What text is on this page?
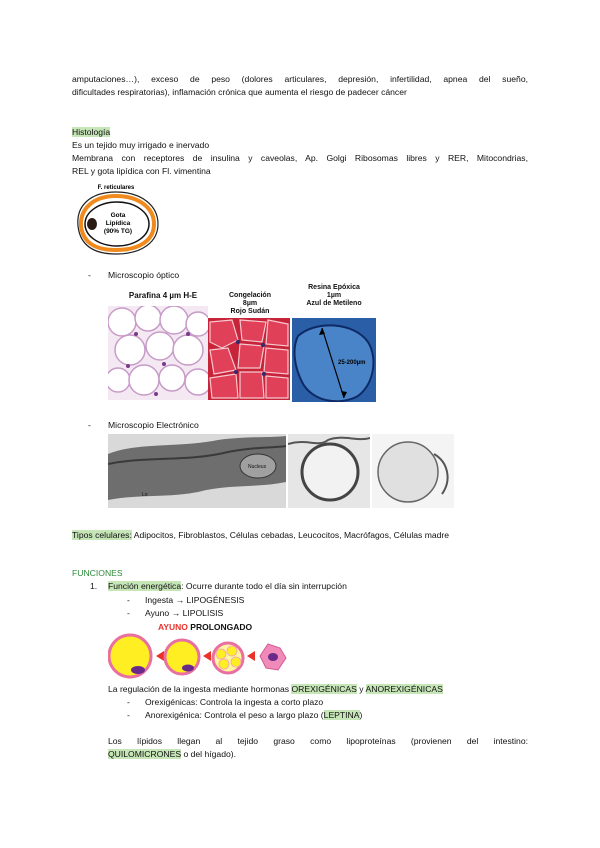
amputaciones…), exceso de peso (dolores articulares, depresión, infertilidad, apnea del sueño,
dificultades respiratorias), inflamación crónica que aumenta el riesgo de padecer cáncer
Histología
Es un tejido muy irrigado e inervado
Membrana con receptores de insulina y caveolas, Ap. Golgi Ribosomas libres y RER, Mitocondrias,
REL y gota lipídica con Fl. vimentina
F. reticulares
Gota
Lipídica
(90% TG)
- Microscopio óptico
Parafina 4 µm H-E	Congelación
8µm
Rojo Sudán
Resina Epóxica
1µm
Azul de Metileno
25-200µm
- Microscopio Electrónico
Nucleus
Lo
Tipos celulares: Adipocitos, Fibroblastos, Células cebadas, Leucocitos, Macrófagos, Células madre
FUNCIONES
1. Función energética: Ocurre durante todo el día sin interrupción
- Ingesta → LIPOGÉNESIS
- Ayuno → LIPOLISIS
AYUNO PROLONGADO
La regulación de la ingesta mediante hormonas OREXIGÉNICAS y ANOREXIGÉNICAS
- Orexigénicas: Controla la ingesta a corto plazo
- Anorexigénica: Controla el peso a largo plazo (LEPTINA)
Los lípidos llegan al tejido graso como lipoproteínas (provienen del intestino:
QUILOMICRONES o del hígado).
